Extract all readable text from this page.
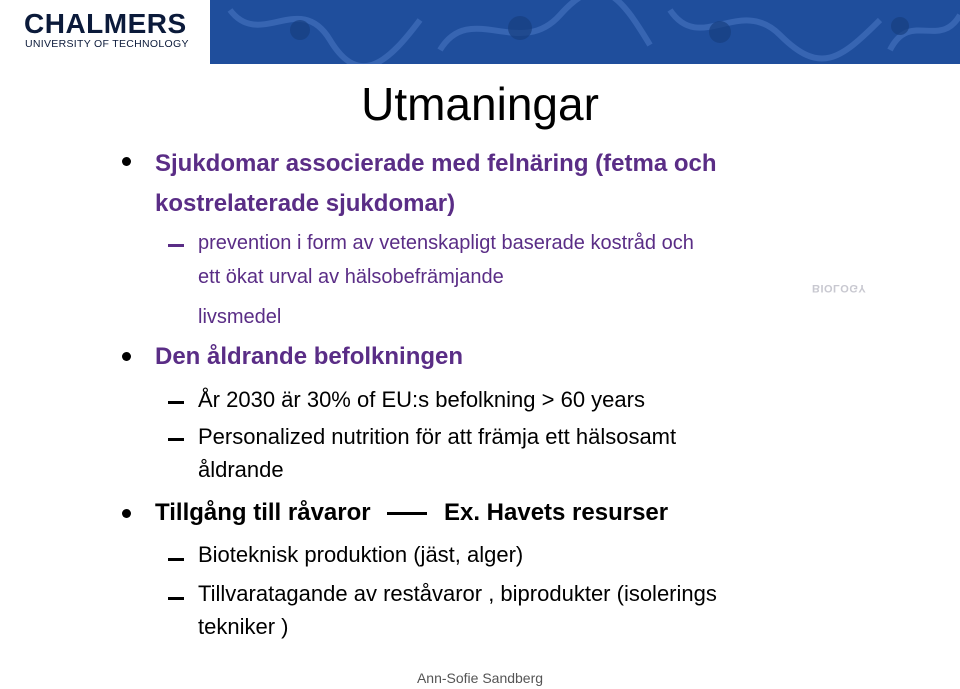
CHALMERS
UNIVERSITY OF TECHNOLOGY
Utmaningar
BIOLOGY
Sjukdomar associerade med felnäring (fetma och
kostrelaterade sjukdomar)
prevention i form av vetenskapligt baserade kostråd och
ett ökat urval av hälsobefrämjande
livsmedel
Den åldrande befolkningen
År 2030 är 30% of EU:s befolkning > 60 years
Personalized nutrition för att främja ett hälsosamt
åldrande
Tillgång till råvaror	Ex. Havets resurser
Bioteknisk produktion (jäst, alger)
Tillvaratagande av reståvaror , biprodukter (isolerings
tekniker )
Ann-Sofie Sandberg
